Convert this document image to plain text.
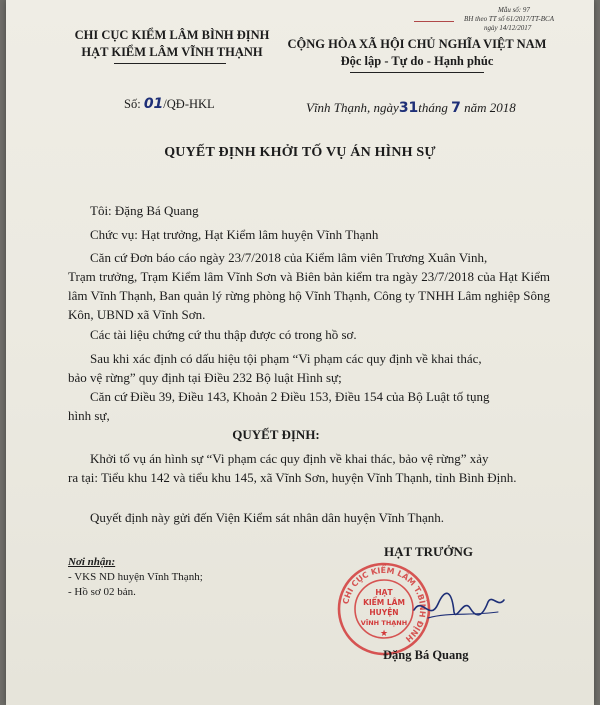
Mẫu số: 97
BH theo TT số 61/2017/TT-BCA
ngày 14/12/2017
CHI CỤC KIỂM LÂM BÌNH ĐỊNH
HẠT KIỂM LÂM VĨNH THẠNH
CỘNG HÒA XÃ HỘI CHỦ NGHĨA VIỆT NAM
Độc lập - Tự do - Hạnh phúc
Số: 01/QĐ-HKL	Vĩnh Thạnh, ngày31tháng 7 năm 2018
QUYẾT ĐỊNH KHỞI TỐ VỤ ÁN HÌNH SỰ
Tôi: Đặng Bá Quang
Chức vụ: Hạt trưởng, Hạt Kiểm lâm huyện Vĩnh Thạnh
Căn cứ Đơn báo cáo ngày 23/7/2018 của Kiểm lâm viên Trương Xuân Vinh,
Trạm trưởng, Trạm Kiểm lâm Vĩnh Sơn và Biên bản kiểm tra ngày 23/7/2018 của Hạt Kiểm lâm Vĩnh Thạnh, Ban quản lý rừng phòng hộ Vĩnh Thạnh, Công ty TNHH Lâm nghiệp Sông Kôn, UBND xã Vĩnh Sơn.
Các tài liệu chứng cứ thu thập được có trong hồ sơ.
Sau khi xác định có dấu hiệu tội phạm “Vi phạm các quy định về khai thác,
bảo vệ rừng” quy định tại Điều 232 Bộ luật Hình sự;
Căn cứ Điều 39, Điều 143, Khoản 2 Điều 153, Điều 154 của Bộ Luật tố tụng
hình sự,
QUYẾT ĐỊNH:
Khởi tố vụ án hình sự “Vi phạm các quy định về khai thác, bảo vệ rừng” xảy
ra tại: Tiểu khu 142 và tiểu khu 145, xã Vĩnh Sơn, huyện Vĩnh Thạnh, tỉnh Bình Định.
Quyết định này gửi đến Viện Kiểm sát nhân dân huyện Vĩnh Thạnh.
Nơi nhận:
- VKS ND huyện Vĩnh Thạnh;
- Hồ sơ 02 bản.
HẠT TRƯỞNG
CHI CỤC KIỂM LÂM T.BÌNH ĐỊNH
HẠT
KIỂM LÂM
HUYỆN
VĨNH THẠNH
★
Đặng Bá Quang
